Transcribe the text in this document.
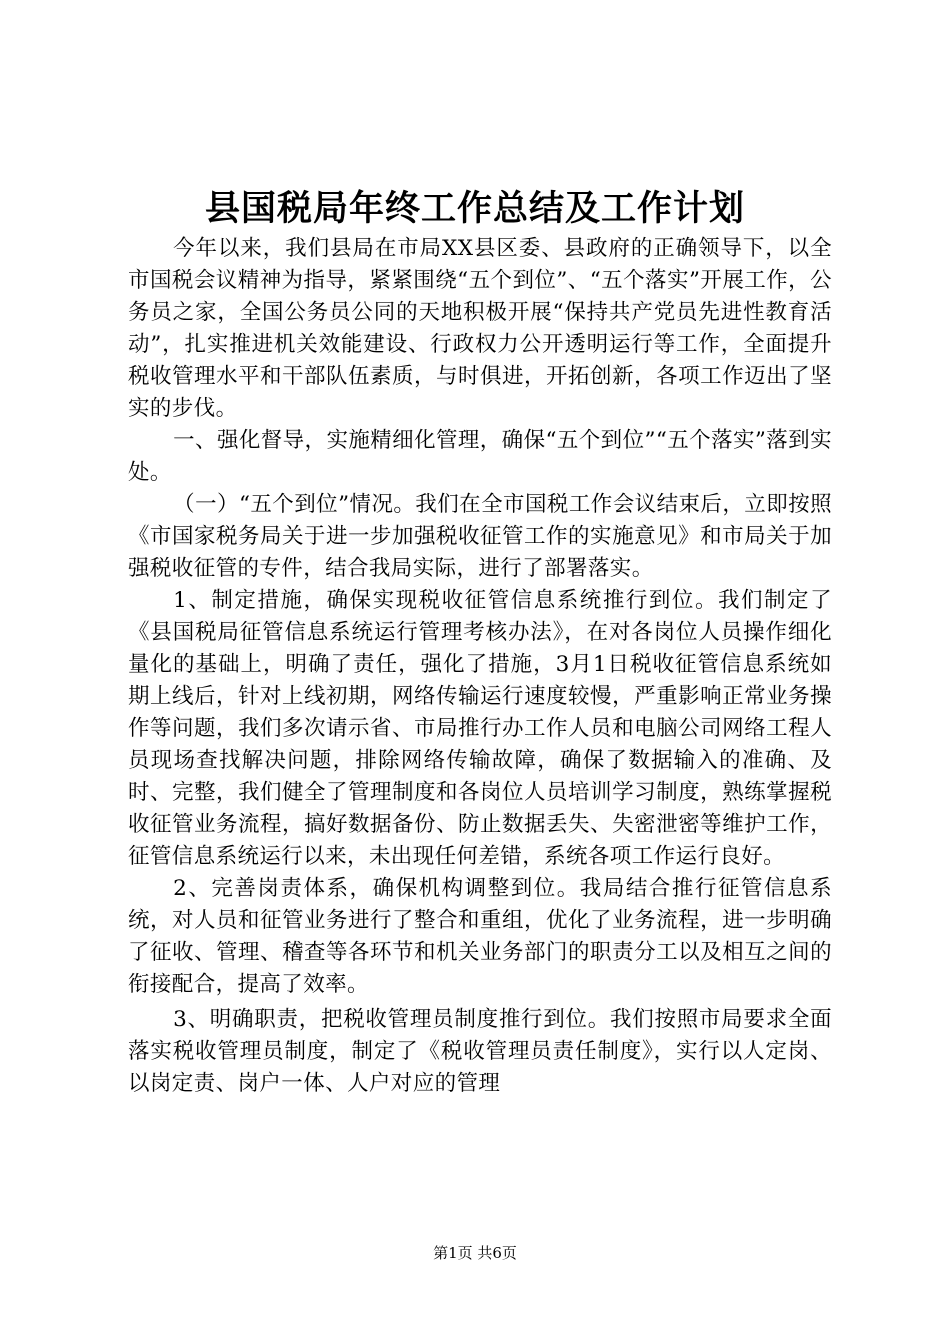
县国税局年终工作总结及工作计划

今年以来，我们县局在市局XX县区委、县政府的正确领导下，以全市国税会议精神为指导，紧紧围绕“五个到位”、“五个落实”开展工作，公务员之家，全国公务员公同的天地积极开展“保持共产党员先进性教育活动”，扎实推进机关效能建设、行政权力公开透明运行等工作，全面提升税收管理水平和干部队伍素质，与时俱进，开拓创新，各项工作迈出了坚实的步伐。

一、强化督导，实施精细化管理，确保“五个到位”“五个落实”落到实处。

（一）“五个到位”情况。我们在全市国税工作会议结束后，立即按照《市国家税务局关于进一步加强税收征管工作的实施意见》和市局关于加强税收征管的专件，结合我局实际，进行了部署落实。

1、制定措施，确保实现税收征管信息系统推行到位。我们制定了《县国税局征管信息系统运行管理考核办法》，在对各岗位人员操作细化量化的基础上，明确了责任，强化了措施，3月1日税收征管信息系统如期上线后，针对上线初期，网络传输运行速度较慢，严重影响正常业务操作等问题，我们多次请示省、市局推行办工作人员和电脑公司网络工程人员现场查找解决问题，排除网络传输故障，确保了数据输入的准确、及时、完整，我们健全了管理制度和各岗位人员培训学习制度，熟练掌握税收征管业务流程，搞好数据备份、防止数据丢失、失密泄密等维护工作，征管信息系统运行以来，未出现任何差错，系统各项工作运行良好。

2、完善岗责体系，确保机构调整到位。我局结合推行征管信息系统，对人员和征管业务进行了整合和重组，优化了业务流程，进一步明确了征收、管理、稽查等各环节和机关业务部门的职责分工以及相互之间的衔接配合，提高了效率。

3、明确职责，把税收管理员制度推行到位。我们按照市局要求全面落实税收管理员制度，制定了《税收管理员责任制度》，实行以人定岗、以岗定责、岗户一体、人户对应的管理

第1页 共6页
